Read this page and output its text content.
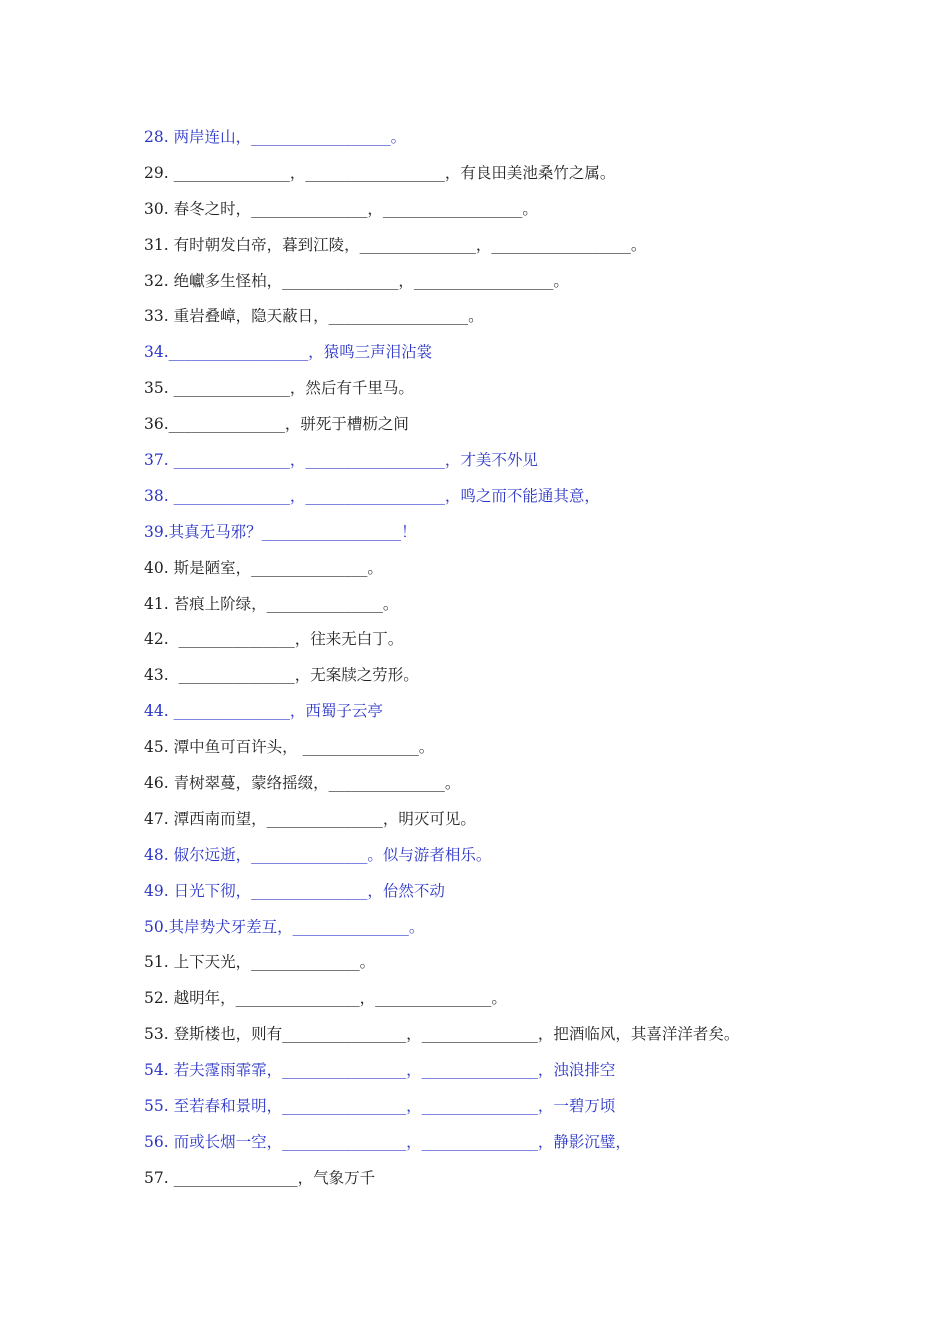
28. 两岸连山，__________________。
29. _______________，__________________，有良田美池桑竹之属。
30. 春冬之时，_______________，__________________。
31. 有时朝发白帝，暮到江陵，_______________，__________________。
32. 绝巘多生怪柏，_______________，__________________。
33. 重岩叠嶂，隐天蔽日，__________________。
34.__________________，猿鸣三声泪沾裳
35. _______________，然后有千里马。
36._______________，骈死于槽枥之间
37. _______________，__________________，才美不外见
38. _______________，__________________，鸣之而不能通其意，
39.其真无马邪？__________________！
40. 斯是陋室，_______________。
41. 苔痕上阶绿，_______________。
42.  _______________，往来无白丁。
43.  _______________，无案牍之劳形。
44. _______________，西蜀子云亭
45. 潭中鱼可百许头， _______________。
46. 青树翠蔓，蒙络摇缀，_______________。
47. 潭西南而望，_______________，明灭可见。
48. 俶尔远逝，_______________。似与游者相乐。
49. 日光下彻，_______________，佁然不动
50.其岸势犬牙差互，_______________。
51. 上下天光，______________。
52. 越明年，________________，_______________。
53. 登斯楼也，则有________________，_______________，把酒临风，其喜洋洋者矣。
54. 若夫霪雨霏霏，________________，_______________，浊浪排空
55. 至若春和景明，________________，_______________，一碧万顷
56. 而或长烟一空，________________，_______________，静影沉璧，
57. ________________，气象万千
